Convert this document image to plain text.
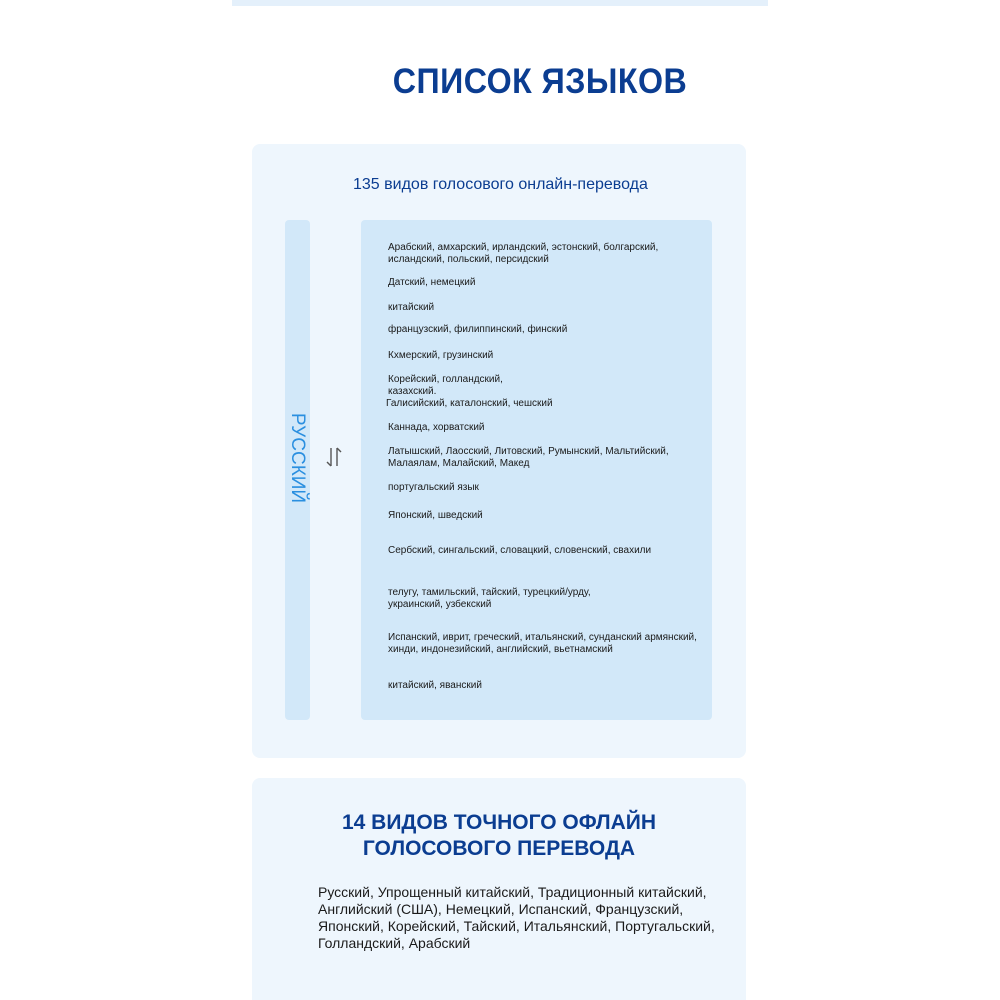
СПИСОК ЯЗЫКОВ
135 видов голосового онлайн-перевода
РУССКИЙ
Арабский, амхарский, ирландский, эстонский, болгарский, исландский, польский, персидский
Датский, немецкий
китайский
французский, филиппинский, финский
Кхмерский, грузинский
Корейский, голландский, казахский.
Галисийский, каталонский, чешский
Каннада, хорватский
Латышский, Лаосский, Литовский, Румынский, Мальтийский, Малаялам, Малайский, Макед
португальский язык
Японский, шведский
Сербский, сингальский, словацкий, словенский, свахили
телугу, тамильский, тайский, турецкий/урду, украинский, узбекский
Испанский, иврит, греческий, итальянский, сунданский армянский, хинди, индонезийский, английский, вьетнамский
китайский, яванский
14 ВИДОВ ТОЧНОГО ОФЛАЙН
ГОЛОСОВОГО ПЕРЕВОДА
Русский, Упрощенный китайский, Традиционный китайский, Английский (США), Немецкий, Испанский, Французский, Японский, Корейский, Тайский, Итальянский, Португальский, Голландский, Арабский
